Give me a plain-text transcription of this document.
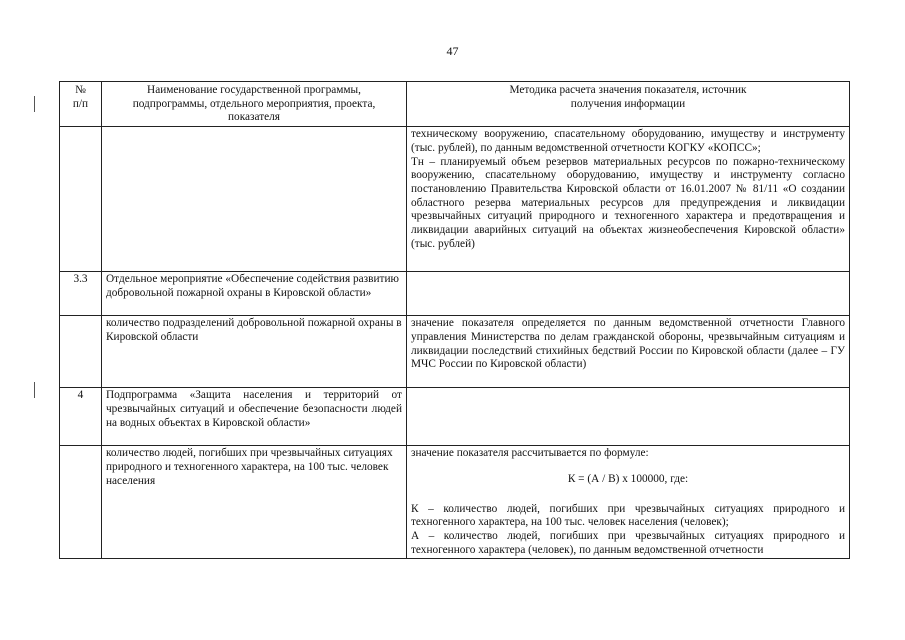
47
№ п/п	Наименование государственной программы, подпрограммы, отдельного мероприятия, проекта, показателя	Методика расчета значения показателя, источник получения информации

		техническому вооружению, спасательному оборудованию, имуществу и инструменту (тыс. рублей), по данным ведомственной отчетности КОГКУ «КОПСС»;
Тн – планируемый объем резервов материальных ресурсов по пожарно-техническому вооружению, спасательному оборудованию, имуществу и инструменту согласно постановлению Правительства Кировской области от 16.01.2007 № 81/11 «О создании областного резерва материальных ресурсов для предупреждения и ликвидации чрезвычайных ситуаций природного и техногенного характера и предотвращения и ликвидации аварийных ситуаций на объектах жизнеобеспечения Кировской области» (тыс. рублей)

3.3	Отдельное мероприятие «Обеспечение содействия развитию добровольной пожарной охраны в Кировской области»	
	количество подразделений добровольной пожарной охраны в Кировской области	значение показателя определяется по данным ведомственной отчетности Главного управления Министерства по делам гражданской обороны, чрезвычайным ситуациям и ликвидации последствий стихийных бедствий России по Кировской области (далее – ГУ МЧС России по Кировской области)
4	Подпрограмма «Защита населения и территорий от чрезвычайных ситуаций и обеспечение безопасности людей на водных объектах в Кировской области»	
	количество людей, погибших при чрезвычайных ситуациях природного и техногенного характера, на 100 тыс. человек населения	значение показателя рассчитывается по формуле:
К = (А / В) х 100000, где:
К – количество людей, погибших при чрезвычайных ситуациях природного и техногенного характера, на 100 тыс. человек населения (человек);
А – количество людей, погибших при чрезвычайных ситуациях природного и техногенного характера (человек), по данным ведомственной отчетности
